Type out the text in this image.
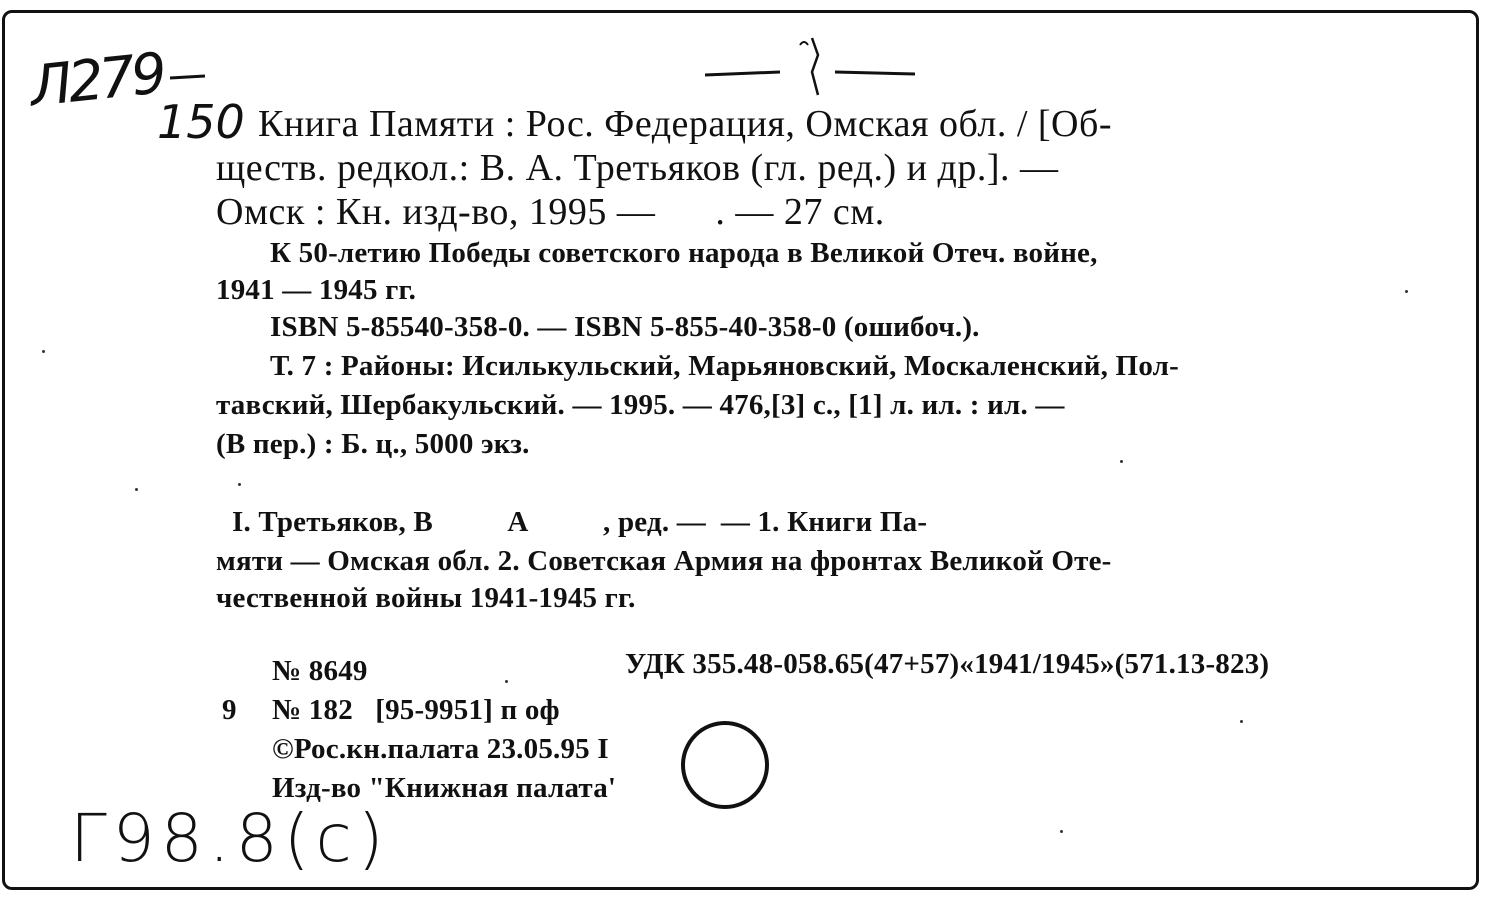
Л279
150
Г98.8(с)
Книга Памяти : Рос. Федерация, Омская обл. / [Об-
ществ. редкол.: В. А. Третьяков (гл. ред.) и др.]. —
Омск : Кн. изд-во, 1995 —      . — 27 см.
К 50-летию Победы советского народа в Великой Отеч. войне,
1941 — 1945 гг.
ISBN 5-85540-358-0. — ISBN 5-855-40-358-0 (ошибоч.).
Т. 7 : Районы: Исилькульский, Марьяновский, Москаленский, Пол-
тавский, Шербакульский. — 1995. — 476,[3] с., [1] л. ил. : ил. —
(В пер.) : Б. ц., 5000 экз.
I. Третьяков, В          А          , ред. —  — 1. Книги Па-
мяти — Омская обл. 2. Советская Армия на фронтах Великой Оте-
чественной войны 1941-1945 гг.
№ 8649	УДК 355.48-058.65(47+57)«1941/1945»(571.13-823)
9 № 182   [95-9951] п оф
©Рос.кн.палата 23.05.95 I
Изд-во "Книжная палата'
